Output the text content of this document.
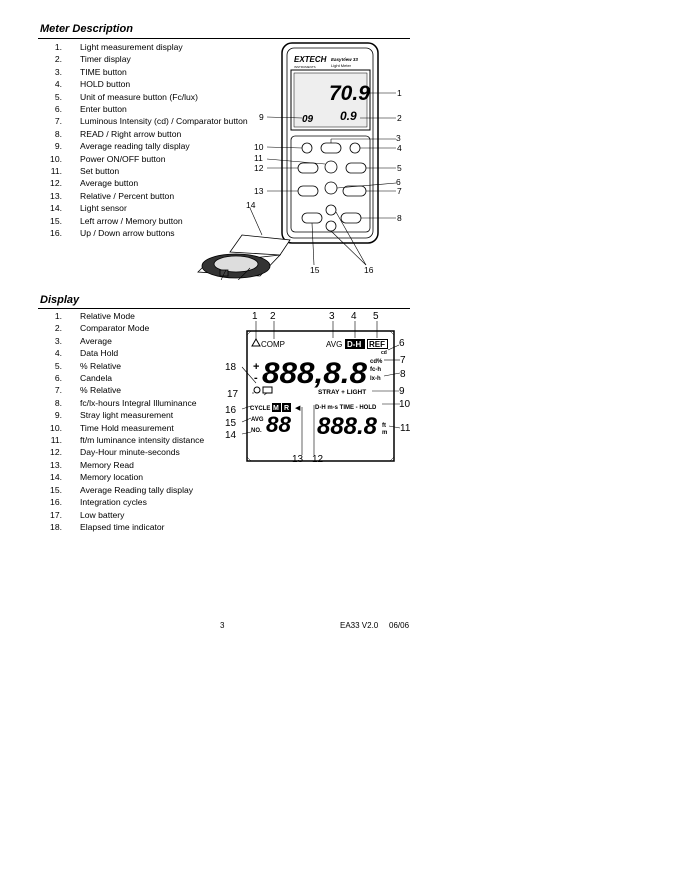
Meter Description
1.	Light measurement display
2.	Timer display
3.	TIME button
4.	HOLD button
5.	Unit of measure button (Fc/lux)
6.	Enter button
7.	Luminous Intensity (cd) / Comparator button
8.	READ / Right arrow button
9.	Average reading tally display
10.	Power ON/OFF button
11.	Set button
12.	Average button
13.	Relative / Percent button
14.	Light sensor
15.	Left arrow / Memory button
16.	Up / Down arrow buttons
EXTECH
INSTRUMENTS
EasyView 33
Light Meter
70.9
0.9
09
1
2
3
4
5
6
7
8
9
10
11
12
13
14
15	16
Display
1.	Relative Mode
2.	Comparator Mode
3.	Average
4.	Data Hold
5.	% Relative
6.	Candela
7.	% Relative
8.	fc/lx-hours Integral Illuminance
9.	Stray light measurement
10.	Time Hold measurement
11.	ft/m luminance intensity distance
12.	Day-Hour minute-seconds
13.	Memory Read
14.	Memory location
15.	Average Reading tally display
16.	Integration cycles
17.	Low battery
18.	Elapsed time indicator
COMP	AVG D-H REF
cd
+
- 888,8.8 cd%
fc-h
lx-h
STRAY + LIGHT
CYCLE M R ◀ D-H m-s TIME - HOLD
AVG
NO. 88 888.8 ft
m
1 2	3 4 5
6
7
8
9
10
11
12
13
14
15
16
17
18
3	EA33 V2.0 06/06
